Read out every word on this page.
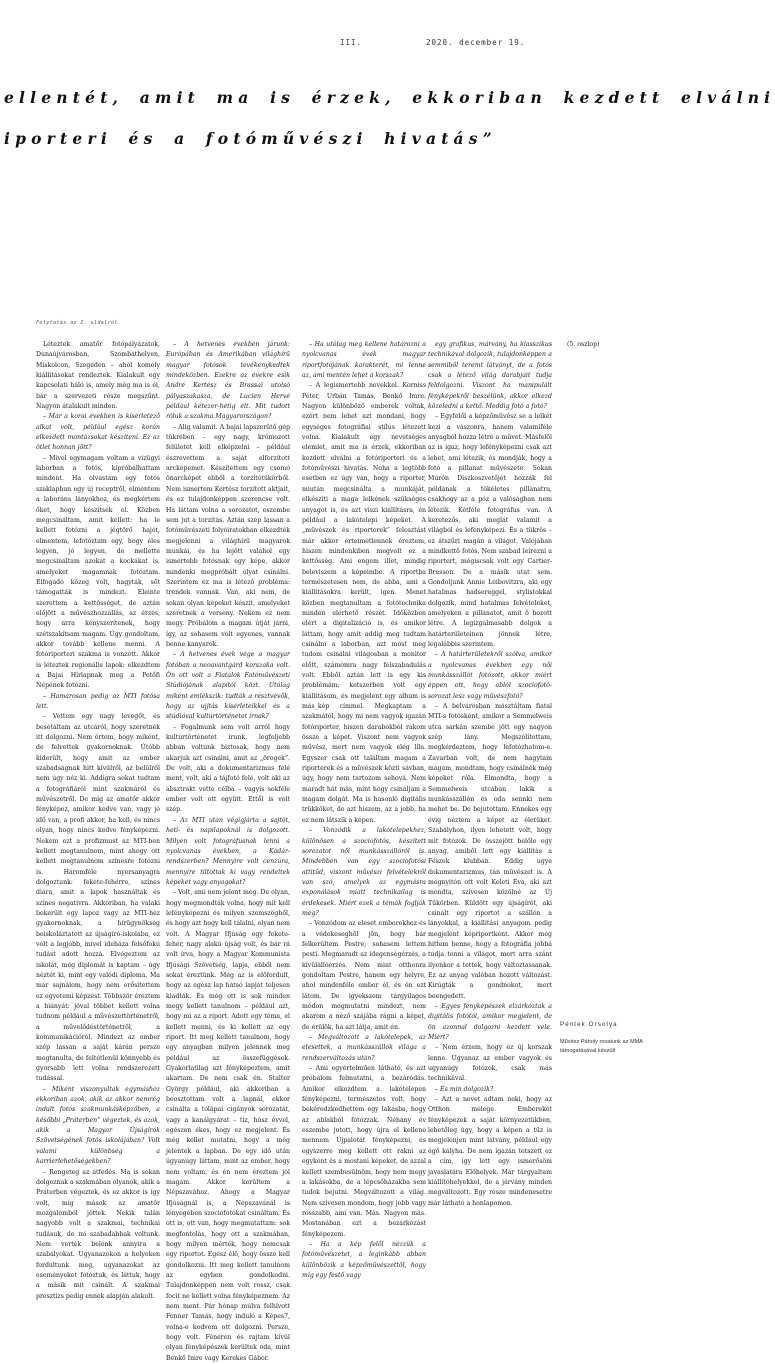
III.	2020. december 19.
ellentét, amit ma is érzek, ekkoriban kezdett elválni
iporteri és a fotóművészi hivatás”
Folytatás az I. oldalról

Léteztek amatőr fotópályázatok, Dunaújvárosban, Szombathelyen, Miskolcon, Szegeden – ahol komoly kiállításokat rendeztek. Kialakult egy kapcsolati háló is, amely még ma is él, bár a szervezeti része megszűnt. Nagyon átalakult minden.

– Már a korai években is kísérletező alkat volt, például egész korán elkezdett montázsokat készíteni. Ez az ötlet honnan jött?

– Mivel egymagam voltam a vizügyi laborban a fotós, kipróbálhattam mindent. Ha olvastam egy fotós szaklapban egy új receptről, elmentem a laboráns lányokhoz, és megkértem őket, hogy készítsék el. Közben megcsináltam, amit kellett: ha le kellett fotózni a jégtörő hajót, elmentem, lefotóztam egy, hogy éles legyen, jó legyen, de mellette megcsináltam azokat a kockákat is, amelyeket magamnak fotóztam. Elfogadó közeg volt, hagyták, sőt támogatták is mindezt. Eleinte szerettem a kettősséget, de aztán előjött a művészhozzállás, az érzés, hogy arra kényszerítenek, hogy szétszakítsam magam. Úgy gondoltam, akkor tovább kellene menni. A fotóriporteri szakma is vonzott. Akkor is léteztek regionális lapok: elkezdtem a Bajai Hírlapnak meg a Petőfi Népének fotózni.

– Hamarosan pedig az MTI fotósa lett.

– Vettem egy nagy levegőt, és besétáltam az utcáról, hogy szeretnék itt dolgozni. Nem értem, hogy miként, de felvettek gyakornoknak. Útóbb kiderült, hogy amit az ember szabadságnak hitt kívülről, az belülről nem úgy néz ki. Addigra sokat tudtam a fotográfiáról mint szakmáról és művészetről. De míg az amatőr akkor fényképez, amikor kedve van, vagy jó idő van, a profi akkor, ha kell, és nincs olyan, hogy nincs kedve fényképezni. Nekem ezt a profizmust az MTI-ben kellett megtanulnom, mint ahogy ott kellett megtanulnom színesre fotózni is. Háromféle nyersanyagra dolgoztunk: fekete-fehérre, színes diára, amit a lapok használtak és színes negatívra. Akkoriban, ha valaki bekerült egy lapoz vagy az MTI-hez gyakornoknak, a hírügynökség beiskoláztatott az újságíró-iskolába, ez volt a legjobb, mivel ideháza felsőfokú tudást adott hozzá. Elvégeztem az iskolát, még diplomát is kaptam – úgy néztét ki, mint egy valódi diploma. Ma már sajnálom, hogy nem erősítettem ez egyetemi képzést. Többször éreztem a hiányát: jóval többet kellett volna tudnom például a művészettörténetről, a művelődéstörténetről, a kommunikációról. Mindezt az ember szép lassan a saját kárán persze megtanulta, de feltétlenül könnyebb és gyorsabb lett volna rendszerezett tudással.

– Miként viszonyultak egymáshoz ekkoriban azok, akik az akkor nemrég indult fotós szakmunkásképzőben, a későbbi „Práterben” végeztek, és azok, akik a Magyar Újságírók Szövetségének fotós iskolájában? Volt valami különbség a karrierlehetőségekben?

– Rengeteg az átfedés. Ma is sokan dolgoznak a szakmában olyanok, akik a Práterben végeztek, és ez akkor is így volt, míg mások az amatőr mozgalomból jöttek. Nekik talán nagyobb volt a szakmai, technikai tudásuk, de mi szabadabbak voltunk. Nem verték belénk annyira a szabályokat. Ugyanazokon a helyeken fordultunk meg, ugyanazokat az eseményeket fotóztuk, és láttuk, hogy a másik mit csinált. A szakmai presztízs pedig ennek alapján alakult.

– A hetvenes években járunk: Európában és Amerikában világhírű magyar fotósok tevékenykedtek mindeközben. Ezekre az évekre esik André Kertész és Brassaï utolsó pályaszakasza, de Lucien Hervé például kétezer-hétig élt. Mit tudott róluk a szakma Magyarországon?

– Alig valamit. A bajai lapszerűtő gép tükrében – egy nagy, krómozott felületet kell elképzelni – például észrevettem a saját elforzított arcképemet. Készítettem egy csomó önarcképet ebből a torzítótükörből. Nem ismertem Kertész torzított aktjait, és ez tulajdonképpen szerencse volt. Ha láttam volna a sorozatot, eszembe sem jut a torzítás. Aztán szép lassan a fotóművészeti folyóiratokban elkezdték megjelenni a világhírű magyarok munkái, és ha lejött valahol egy ismertebb fotósnak egy képe, akkor mindenki megpróbált olyat csinálni. Szerintem ez ma is létező probléma: trendek vannak. Van, aki nem, de sokan olyan képeket készít, amelyeket szeretnek a verseny. Nekem ez nem megy. Próbálom a magam útját járni, így, az sohasem volt egyenes, vannak benne kanyarok.

– A hetvenes évek vége a magyar fotóban a neoavantgárd korszaka volt. Ön ott volt a Fiatalok Fotóművészeti Stúdiójának alapítói közt. Utólag miként emlékszik: tudták a résztvevők, hogy az ujjtás kísérleteikkel és a stúdióval kultúrtörténetet írnak?

– Fogalmunk sem volt arról hogy kultúrtörténetet írunk, legfeljebb abban voltunk biztosak, hogy nem akarjuk azt csinálni, amit az „öregek”. De volt, aki a dokumentarizmus felé ment, volt, aki a tájfotó felé, volt aki az absztrakt vette célba – vagyis sokféle ember volt ott együtt. Ettől is volt szép.

– Az MTI után végigjárta a sajtót, heti- és napilapoknál is dolgozott. Milyen volt fotográfusnak lenni a nyolcvanas években, a Kádár-rendszerben? Mennyire volt cenzúra, mennyire tiltottak ki vagy rendeltek képeket vagy anyagokat?

– Volt, ami nem jelent meg. De olyan, hogy megmondták volna, hogy mit kell lefényképezni és milyen szemszögből, és hogy azt hogy kell tálalni, olyan nem volt. A Magyar Ifjúság egy fekete-fehér, nagy alakú újság volt, és bár rá volt írva, hogy a Magyar Kommunista Ifjúsági Szövetség, lapja, ebből nem sokat éreztünk. Még az is előfordult, hogy az egész lap hátsó lapját teljesen kiadták. És még ott is sok minden megy kellett tanulnom – például azt, hogy mi az a riport. Adott egy téma, el kellett menni, és ki kellett az egy riport. Itt meg kellett tanulnom, hogy egy anyagban milyen jelennek meg például az összefüggések. Gyakorlatilag azt fényképeztem, amit akartam. De nem csak én. Stalter György például, aki akkoriban a beosztottam volt a lapnál, ekkor csinálta a tolápai cigányok sorozatát, vagy a kanálgyárat – tíz, húsz évvel, egészen ékes, hogy ez megjelent. És még kellet mutatni, hogy a még jelentek a lapban. De egy idő után úgyanúgy láttam, mint az ember, hogy nem voltam, és én nem éreztem jól magam. Akkor kerültem a Népszavához. Ahogy a Magyar Ifjúságnál is, a Népszavánál is lényegében szociofotókat csináltam. És ott is, ott van, hogy megmutattam: sok megfontolás, hogy ott a szakmában, hogy milyen mérték, hogy nemcsak egy riportot. Egész élő, hogy össze kell gondolkozni. Itt meg kellett tanulnom az egyben gondolkodni. Tulajdonképpen nem volt rossz, csak focit ne kellett volna fényképeznem. Az nem ment. Pár hónap múlva felhívott Fenner Tamás, hogy induló a Képes7, volna-e kedvem ott dolgozni. Persze, hogy volt. Féneren és rajtam kívül olyan fényképészek kerültek oda, mint Benkő Imre vagy Kerekes Gábor.

– Ha utólag meg kellene határozni a nyolcvanas évek magyar riportfotójának karakterét, mi lenne az, ami mentén lehet a korszak?

– A legismertebb nevekkel. Korniss Péter, Urbán Tamás, Benkő Imre. Nagyon különböző emberek voltak, ezért nem lehet azt mondani, hogy egységes fotográfiai stílus létezett volna. Kialakult egy nevetséges elemlet, amit ma is érzek, ekkoriban kezdett elválni a fotóriporteri és a fotóművészi hivatás. Noha a legtöbb esetben ez úgy van, hogy a riporter, miután megcsinálta a munkáját, elkészíti a maga lelkének szükséges anyagot is, és azt viszi kiállításra, én például a lakótelepi képeket. A „művészek és riporterek” felosztást már akkor érteimetlennek éreztem, hiszen mindenkiben megvolt ez a kettősség. Ami engem illet, mindig beleviszem a képeimbe. A riportba természetesen nem, de abba, ami a kiállításokra került, igen. Menet közben megtanultam a fotótechnika minden elérhető részét. Időközben elért a digitalizáció is, és amikor láttam, hogy amit addig meg tudtam csinálni a laborban, azt most meg tudom csinálni világosban a monitor előtt, számomra nagy felszabadulás volt. Ebből aztán lett is egy kis problémám: ketszerben volt egy kiállításom, és megjelent egy album is más_kép címmel. Megkaptam a szakmától, hogy mi nem vagyok igazán fotóriporter, hiszen darabokból rakom össze a képet. Viszont nem vagyok művész, mert nem vagyok elég líla. Egyszer csak ott találtam magam a riporterek és a művészek közti sávban, úgy, hogy nem tartozom sehová. Nem maradt hát más, mint hogy csináljam a magam dolgát. Ma is hasonló digitális trükköket, de azt hiszem, az a jobb, ha ez nem látszik a képen.

– Vonzódik a lakótelepekhez, különösen a szociofotós, készített sorozatot női munkásszállóról is. Mindebben van egy szociofotósi attitűd, viszont művészi felvételekről van szó, amelyek az egymásra exponálások miatt technikailag is érdekesek. Miért ezek a témák foglják meg?

– Vonzódom az eleset emberekhez és a védekeseghől jön, hogy bár felkerültem Pestre, sohasem lettem pesti. Megmaradt az idegenségérzés, a kívülállóérzés. Nem mint otthonra gondoltam Pestre, hanem egy helyre, ahol mindenféle ember él, és én ezt látom. De igyekszem tárgyilagos módon megmutatni mindezt, nem akarom a néző szájába rágni a képet, de érülök, ha azt látja, amit én.

– Megváltozott a lakótelepek, az elesettek, a munkásszállók világa a rendszerváltozás után?

– Ami egyértelműen látható, és azt próbálom felmutatni, a bezáródás. Amikor elkezdtem a lakótelepen fényképezni, természetes volt, hogy bekéredzkedhettem egy lakásba, hogy az ablakból fotózzak. Néhány év eszembe jutott, hogy újra el kellene mennem Újpalotát fényképezni, és egyszerre meg kellett ott rakni az egyként és a mostani képeket, de azzal kellett szembesülnöm, hogy nem megy a lakásokba, de a lépcsőházakba sem tudok bejutni. Megváltozott a világ. Nem szívesen mondom, hogy jobb vagy rosszabb, ami van. Más. Nagyon más. Mostanában ezt a bezárkózást fényképezem.

– Ha a kép felől nézzük a fotóművészetet, a leginkább abban különbözik a képzőművészettől, hogy míg egy festő vagy

egy grafikus, márvány, ha klasszikus technikával dolgozik, tulajdonképpen a semmiből teremt látványt, de a fotós csak a létező világ darabjait tudja feldolgozni. Viszont ha manipulált fényképekről beszélünk, akkor elkezd közeledni a kettő. Meddig fotó a fotó?

– Egyfelől a képzőművész se a lelkét kezi a vászonra, hanem valamiféle anyagból hozza létre a művet. Másfelől az is igaz, hogy lefényképezni csak azt lehet, ami létezik, és mondják, hogy a fotó a pillanat művészete. Sokan Múrón Diszkoszvetőjét hozzák fel példának a tökéletes pillanatra, csakhogy az a póz a valóságban nem létezik. Kétféle fotográfus van. A keretezős, aki meglát valamit a világból és lefényképezi. És a tükrös – ez átszűri magán a világot. Valójában mindkettő fotós. Nem szabad leírezni a riportert, mégiscsak volt egy Cartier-Bresson. De a másik utat sem. Gondoljunk Annie Leibovitzra, aki egy hatalmas hadsereggel, stylistokkal dolgozik, mind hatalmas felvételeket, amelyeken a pillanatot, amit ő hozott létre. A legizgalmasabb dolgok a határterületeinen jönnek létre, legalábbis szerintem.

– A határterületekről szólva, amikor a nyolcvanas években egy női munkásszállót fotózott, akkor miért éppen ott, hogy ablól szociofotó-sorozat lesz vagy művészfotó?

– A belvárosban másztáltam fiatal MTI-s fotósként, amikor a Semmelweis utca sarkán szembe jött egy nagyon szép lány. Megszólítottam, megkérdeztem, hogy lefotózhatom-e. Zavarban volt, de nem hagytam magam, mondtam, hogy csinálnék még képeket róla. Elmondta, hogy a Semmelweis utcában lakik a munkásszállón és oda sennki nem mehet be. De bejutottam. Ennekes egy évig néztem a képet az életüket. Szabályhon, ilyen lehetett volt, hogy mit fotózok. De összejött belőle egy anyag, amiből lett egy kiállítás a Fészek klubban. Eddig ugye dokumentarizmus, tán művészet is. A megnyitón ott volt Keleti Éva, aki azt mondta, szívesen közölné az Új Tükörben. Küldött egy újságírót, aki csinált egy riportot a szállón a lányokkal, a kiállítási anyagom pedig megjelent képriportként. Akkor még hittem benne, hogy a fotográfia jobbá tudja tenni a világot, mert arra szánt ilyenkor a tettek, hogy változtassanak. Ez az anyag valóban hozott változást. Kirúgták a gondnokot, mert beengedett.

– Egyes fényképészek elzárkóztak a digitális fotótól, amikor megjelent, de ön azonnal dolgozni kezdett vele. Miért?

– Nem érzem, hogy ez új korszak lenne. Ugyanaz az ember vagyok és ugyanúgy fotózok, csak más technikával.

– És min dolgozik?

– Azt a nevet adtam neki, hogy az Otthon melege. Emberekét fényképezek a saját környezetükben, lehetőleg úgy, hogy a képen a tűz is megjelenjen mint látvány, például egy égő kályha. De nem igazán tetszett ez a cím, így lett egy ismerősöm javaslatára Előhelyek. Már tárgyaltam kiállítóhelyekkel, de a járvány minden megváltozott. Egy része mindenesetre már látható a honlapomon.

(5. oszlop)

Péntek Orsolya
Művész Páholy rovatunk az MMA támogatásával készült
